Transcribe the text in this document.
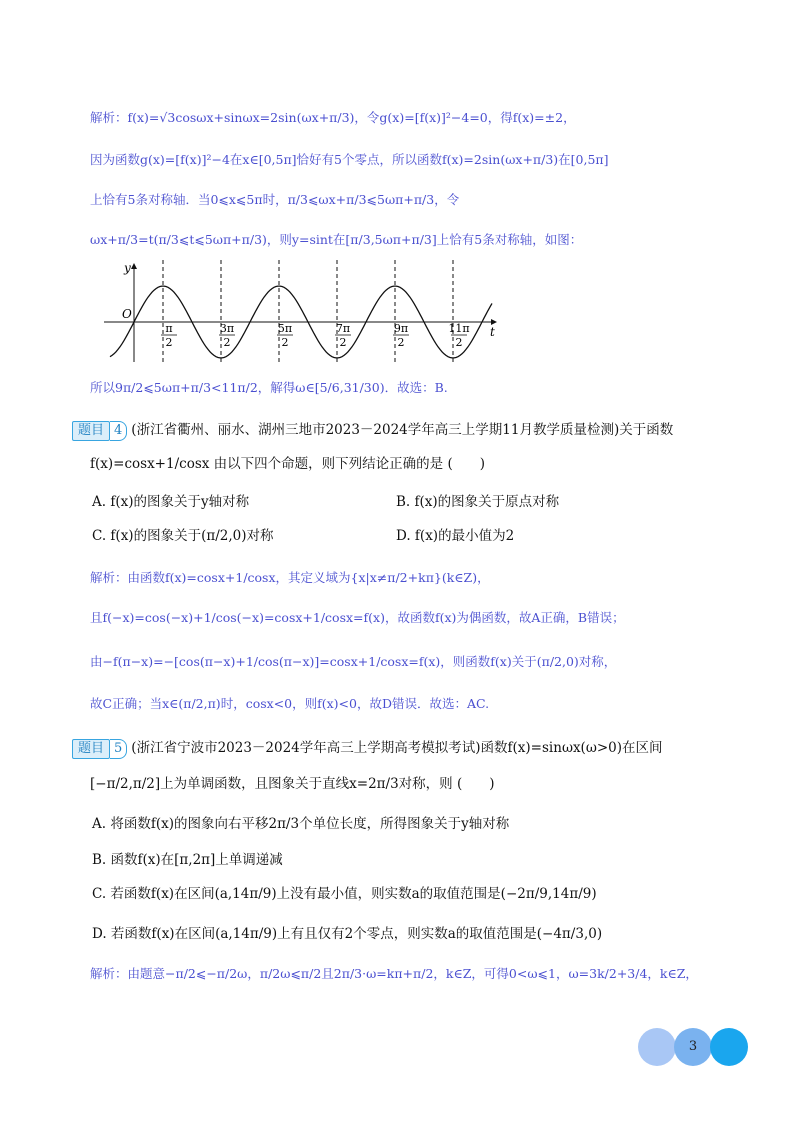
解析：f(x)=√3cosωx+sinωx=2sin(ωx+π/3)，令g(x)=[f(x)]²−4=0，得f(x)=±2，
因为函数g(x)=[f(x)]²−4在x∈[0,5π]恰好有5个零点，所以函数f(x)=2sin(ωx+π/3)在[0,5π]
上恰有5条对称轴．当0⩽x⩽5π时，π/3⩽ωx+π/3⩽5ωπ+π/3，令
ωx+π/3=t(π/3⩽t⩽5ωπ+π/3)，则y=sint在[π/3,5ωπ+π/3]上恰有5条对称轴，如图：
y
t
O
π
2
3π
2
5π
2
7π
2
9π
2
11π
2
所以9π/2⩽5ωπ+π/3<11π/2，解得ω∈[5/6,31/30)．故选：B.
题目 4 (浙江省衢州、丽水、湖州三地市2023－2024学年高三上学期11月教学质量检测)关于函数
f(x)=cosx+1/cosx 由以下四个命题，则下列结论正确的是 (　　)
A. f(x)的图象关于y轴对称	B. f(x)的图象关于原点对称
C. f(x)的图象关于(π/2,0)对称	D. f(x)的最小值为2
解析：由函数f(x)=cosx+1/cosx，其定义域为{x|x≠π/2+kπ}(k∈Z)，
且f(−x)=cos(−x)+1/cos(−x)=cosx+1/cosx=f(x)，故函数f(x)为偶函数，故A正确，B错误；
由−f(π−x)=−[cos(π−x)+1/cos(π−x)]=cosx+1/cosx=f(x)，则函数f(x)关于(π/2,0)对称，
故C正确；当x∈(π/2,π)时，cosx<0，则f(x)<0，故D错误．故选：AC.
题目 5 (浙江省宁波市2023－2024学年高三上学期高考模拟考试)函数f(x)=sinωx(ω>0)在区间
[−π/2,π/2]上为单调函数，且图象关于直线x=2π/3对称，则 (　　)
A. 将函数f(x)的图象向右平移2π/3个单位长度，所得图象关于y轴对称
B. 函数f(x)在[π,2π]上单调递减
C. 若函数f(x)在区间(a,14π/9)上没有最小值，则实数a的取值范围是(−2π/9,14π/9)
D. 若函数f(x)在区间(a,14π/9)上有且仅有2个零点，则实数a的取值范围是(−4π/3,0)
解析：由题意−π/2⩽−π/2ω，π/2ω⩽π/2且2π/3·ω=kπ+π/2，k∈Z，可得0<ω⩽1，ω=3k/2+3/4，k∈Z，
3
